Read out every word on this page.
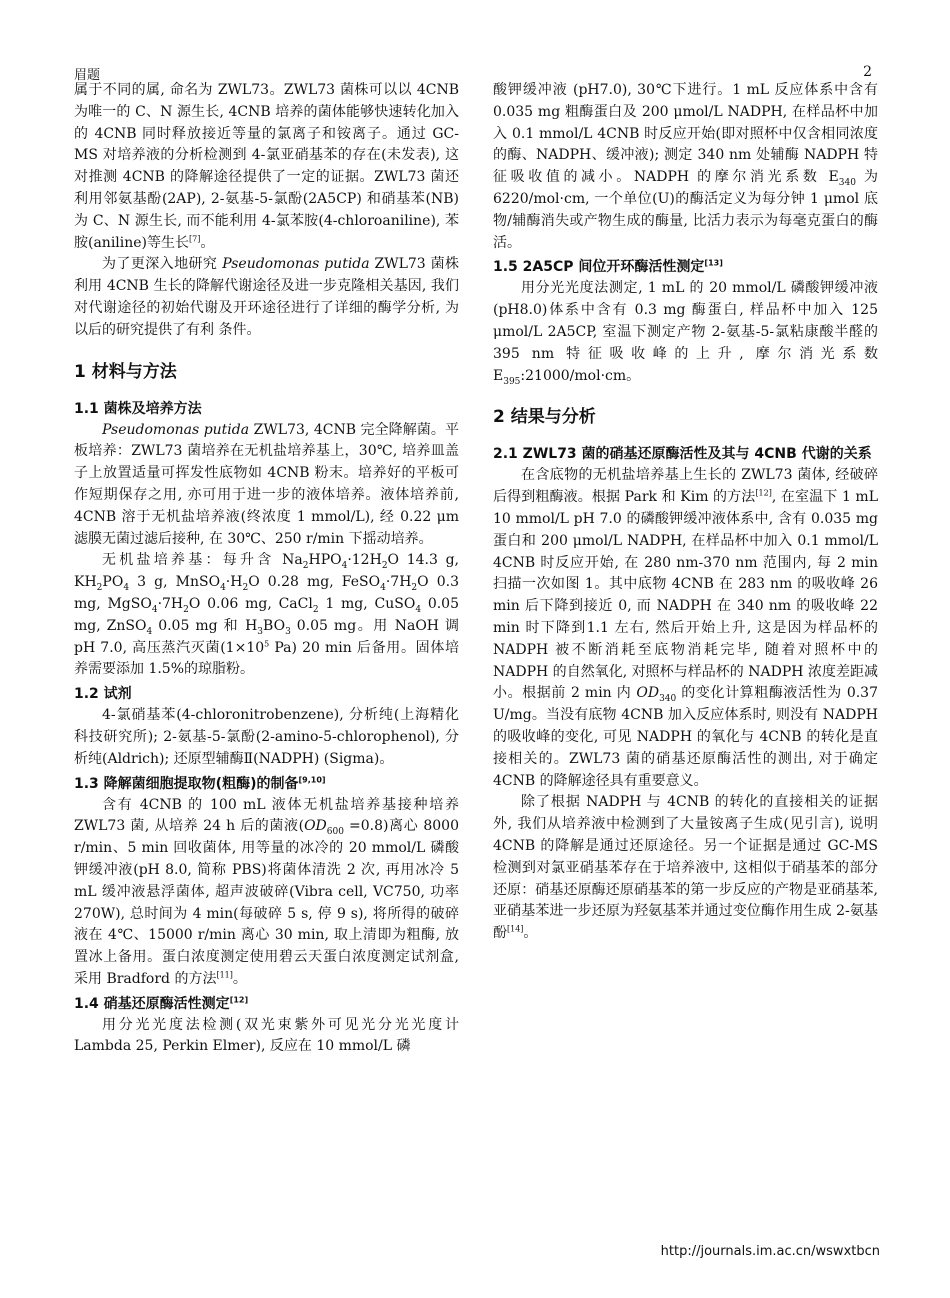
眉题	2

属于不同的属, 命名为 ZWL73。ZWL73 菌株可以以 4CNB 为唯一的 C、N 源生长, 4CNB 培养的菌体能够快速转化加入的 4CNB 同时释放接近等量的氯离子和铵离子。通过 GC-MS 对培养液的分析检测到 4-氯亚硝基苯的存在(未发表), 这对推测 4CNB 的降解途径提供了一定的证据。ZWL73 菌还利用邻氨基酚(2AP), 2-氨基-5-氯酚(2A5CP) 和硝基苯(NB)为 C、N 源生长, 而不能利用 4-氯苯胺(4-chloroaniline), 苯胺(aniline)等生长[7]。

为了更深入地研究 Pseudomonas putida ZWL73 菌株利用 4CNB 生长的降解代谢途径及进一步克隆相关基因, 我们对代谢途径的初始代谢及开环途径进行了详细的酶学分析, 为以后的研究提供了有利 条件。

1 材料与方法
1.1 菌株及培养方法

Pseudomonas putida ZWL73, 4CNB 完全降解菌。平板培养：ZWL73 菌培养在无机盐培养基上，30℃, 培养皿盖子上放置适量可挥发性底物如 4CNB 粉末。培养好的平板可作短期保存之用, 亦可用于进一步的液体培养。液体培养前, 4CNB 溶于无机盐培养液(终浓度 1 mmol/L), 经 0.22 μm 滤膜无菌过滤后接种, 在 30℃、250 r/min 下摇动培养。

无机盐培养基：每升含 $Na_2HPO_4\cdot 12H_2O$ 14.3 g, $KH_2PO_4$ 3 g, $MnSO_4\cdot H_2O$ 0.28 mg, $FeSO_4\cdot 7H_2O$ 0.3 mg, $MgSO_4\cdot 7H_2O$ 0.06 mg, CaCl$_2$ 1 mg, CuSO$_4$ 0.05 mg, ZnSO$_4$ 0.05 mg 和 $H_3BO_3$ 0.05 mg。用 NaOH 调 pH 7.0, 高压蒸汽灭菌($1\times 10^5$ Pa) 20 min 后备用。固体培养需要添加 1.5%的琼脂粉。

1.2 试剂

4-氯硝基苯(4-chloronitrobenzene), 分析纯(上海精化科技研究所); 2-氨基-5-氯酚(2-amino-5-chlorophenol), 分析纯(Aldrich); 还原型辅酶Ⅱ(NADPH) (Sigma)。

1.3 降解菌细胞提取物(粗酶)的制备[9,10]

含有 4CNB 的 100 mL 液体无机盐培养基接种培养 ZWL73 菌, 从培养 24 h 后的菌液$(OD_{600} =0.8)$离心 8000 r/min、5 min 回收菌体, 用等量的冰冷的 20 mmol/L 磷酸钾缓冲液(pH 8.0, 简称 PBS)将菌体清洗 2 次, 再用冰冷 5 mL 缓冲液悬浮菌体, 超声波破碎(Vibra cell, VC750, 功率 270W), 总时间为 4 min(每破碎 5 s, 停 9 s), 将所得的破碎液在 4℃、15000 r/min 离心 30 min, 取上清即为粗酶, 放置冰上备用。蛋白浓度测定使用碧云天蛋白浓度测定试剂盒, 采用 Bradford 的方法[11]。

1.4 硝基还原酶活性测定[12]

用分光光度法检测(双光束紫外可见光分光光度计 Lambda 25, Perkin Elmer), 反应在 10 mmol/L 磷

酸钾缓冲液 (pH7.0), 30℃下进行。1 mL 反应体系中含有 0.035 mg 粗酶蛋白及 200 μmol/L NADPH, 在样品杯中加入 0.1 mmol/L 4CNB 时反应开始(即对照杯中仅含相同浓度的酶、NADPH、缓冲液); 测定 340 nm 处辅酶 NADPH 特征吸收值的减小。NADPH 的摩尔消光系数 $E_{340}$ 为 6220/mol·cm, 一个单位(U)的酶活定义为每分钟 1 μmol 底物/辅酶消失或产物生成的酶量, 比活力表示为每毫克蛋白的酶活。

1.5 2A5CP 间位开环酶活性测定[13]

用分光光度法测定, 1 mL 的 20 mmol/L 磷酸钾缓冲液(pH8.0)体系中含有 0.3 mg 酶蛋白, 样品杯中加入 125 μmol/L 2A5CP, 室温下测定产物 2-氨基-5-氯粘康酸半醛的 395 nm 特征吸收峰的上升, 摩尔消光系数 $E_{395}:21000/mol\cdot cm$。

2 结果与分析
2.1 ZWL73 菌的硝基还原酶活性及其与 4CNB 代谢的关系

在含底物的无机盐培养基上生长的 ZWL73 菌体, 经破碎后得到粗酶液。根据 Park 和 Kim 的方法[12], 在室温下 1 mL 10 mmol/L pH 7.0 的磷酸钾缓冲液体系中, 含有 0.035 mg 蛋白和 200 μmol/L NADPH, 在样品杯中加入 0.1 mmol/L 4CNB 时反应开始, 在 280 nm-370 nm 范围内, 每 2 min 扫描一次如图 1。其中底物 4CNB 在 283 nm 的吸收峰 26 min 后下降到接近 0, 而 NADPH 在 340 nm 的吸收峰 22 min 时下降到1.1 左右, 然后开始上升, 这是因为样品杯的 NADPH 被不断消耗至底物消耗完毕, 随着对照杯中的 NADPH 的自然氧化, 对照杯与样品杯的 NADPH 浓度差距减小。根据前 2 min 内 $OD_{340}$ 的变化计算粗酶液活性为 0.37 U/mg。当没有底物 4CNB 加入反应体系时, 则没有 NADPH 的吸收峰的变化, 可见 NADPH 的氧化与 4CNB 的转化是直接相关的。ZWL73 菌的硝基还原酶活性的测出, 对于确定 4CNB 的降解途径具有重要意义。

除了根据 NADPH 与 4CNB 的转化的直接相关的证据外, 我们从培养液中检测到了大量铵离子生成(见引言), 说明 4CNB 的降解是通过还原途径。另一个证据是通过 GC-MS 检测到对氯亚硝基苯存在于培养液中, 这相似于硝基苯的部分还原：硝基还原酶还原硝基苯的第一步反应的产物是亚硝基苯, 亚硝基苯进一步还原为羟氨基苯并通过变位酶作用生成 2-氨基酚[14]。

http://journals.im.ac.cn/wswxtbcn
